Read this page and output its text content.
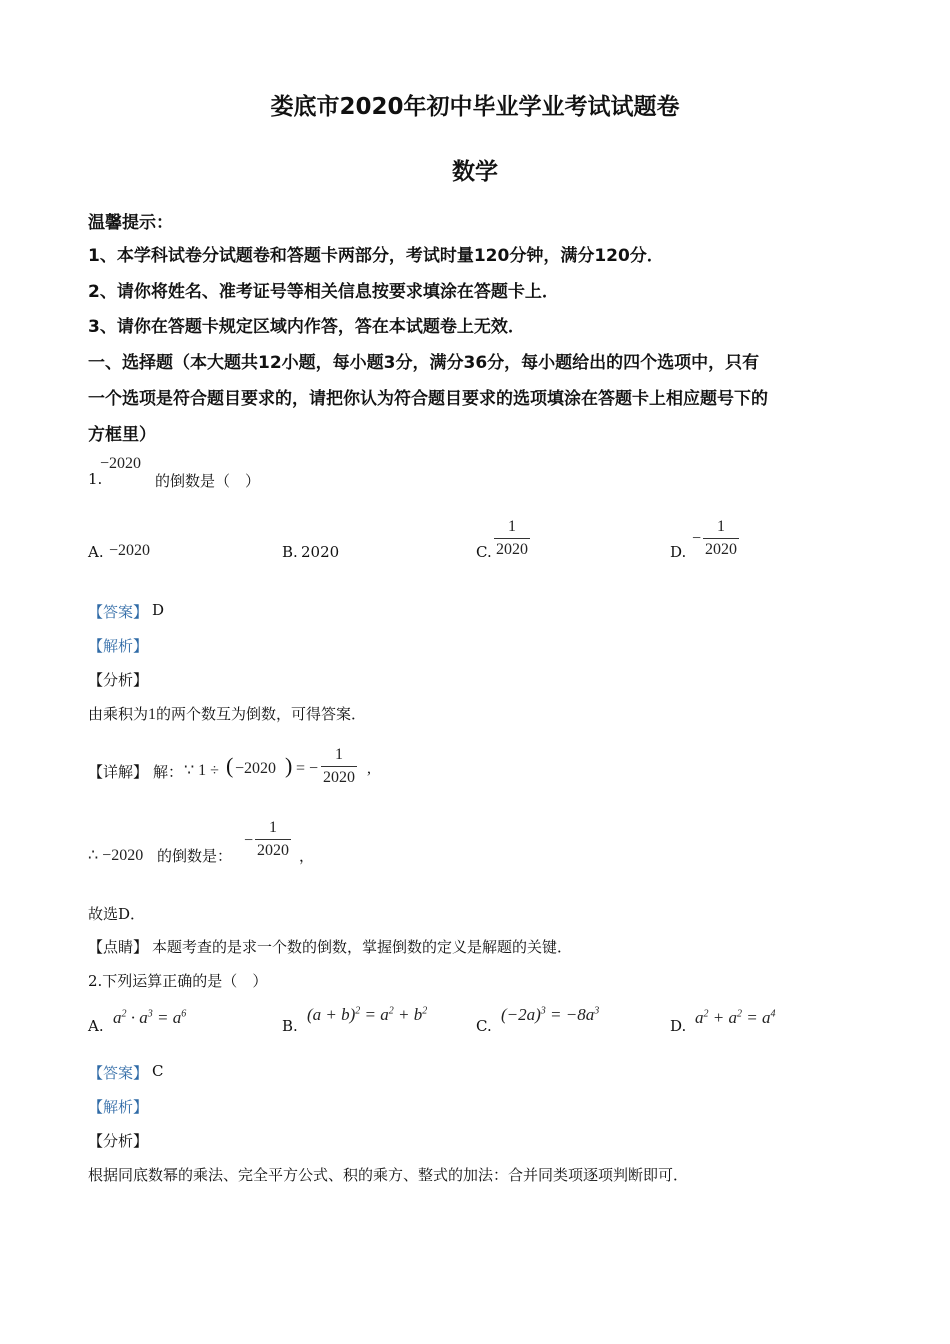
娄底市2020年初中毕业学业考试试题卷
数学
温馨提示：
1、本学科试卷分试题卷和答题卡两部分，考试时量120分钟，满分120分．
2、请你将姓名、准考证号等相关信息按要求填涂在答题卡上．
3、请你在答题卡规定区域内作答，答在本试题卷上无效．
一、选择题（本大题共12小题，每小题3分，满分36分，每小题给出的四个选项中，只有
一个选项是符合题目要求的，请把你认为符合题目要求的选项填涂在答题卡上相应题号下的
方框里）
1.
−2020
的倒数是（　）
A. −2020	B. 2020	C.
1
2020	D.
−
1
2020
【答案】 D
【解析】
【分析】
由乘积为1的两个数互为倒数，可得答案．
【详解】 解： ∵ 1 ÷ ( −2020 ) = −
1
2020
,
∴ −2020 的倒数是：
−
1
2020 ，
故选D．
【点睛】 本题考查的是求一个数的倒数，掌握倒数的定义是解题的关键．
2.下列运算正确的是（　）
A. $a^2 \cdot a^3 = a^6$
B.
$(a + b)^2 = a^2 + b^2$
C.
$(-2a)^3 = -8a^3$
D. $a^2 + a^2 = a^4$
【答案】 C
【解析】
【分析】
根据同底数幂的乘法、完全平方公式、积的乘方、整式的加法：合并同类项逐项判断即可．
